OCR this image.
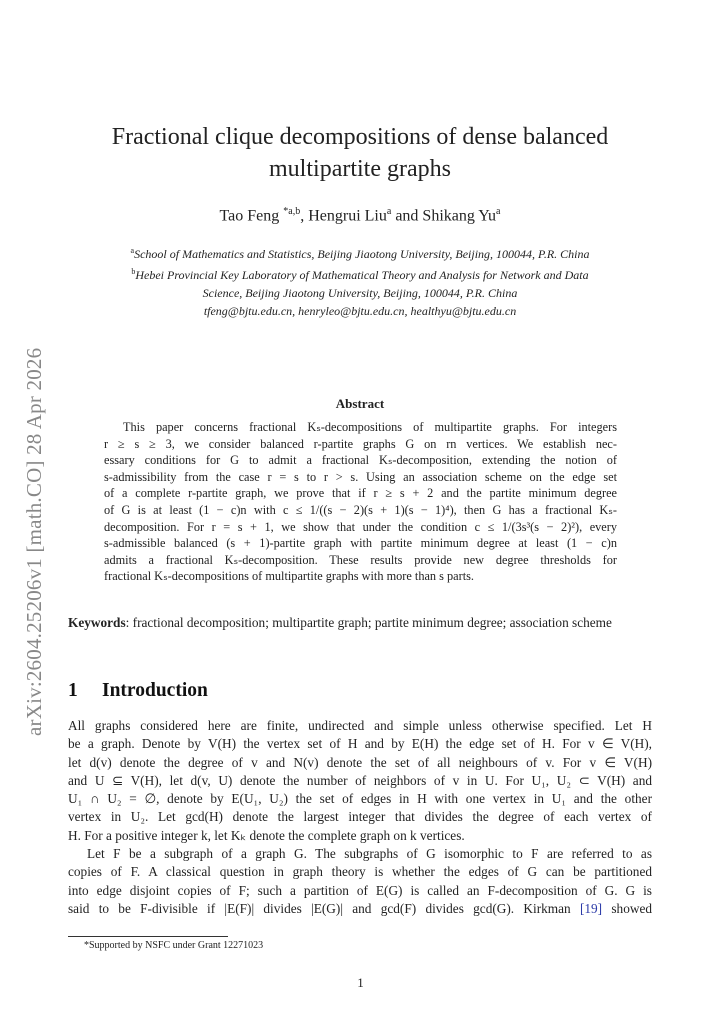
arXiv:2604.25206v1 [math.CO] 28 Apr 2026
Fractional clique decompositions of dense balanced
multipartite graphs
Tao Feng $^{*a,b}$, Hengrui Liu$^a$ and Shikang Yu$^a$
$^a$School of Mathematics and Statistics, Beijing Jiaotong University, Beijing, 100044, P.R. China
$^b$Hebei Provincial Key Laboratory of Mathematical Theory and Analysis for Network and Data
Science, Beijing Jiaotong University, Beijing, 100044, P.R. China
tfeng@bjtu.edu.cn, henryleo@bjtu.edu.cn, healthyu@bjtu.edu.cn
Abstract
This paper concerns fractional Kₛ-decompositions of multipartite graphs. For integers
r ≥ s ≥ 3, we consider balanced r-partite graphs G on rn vertices. We establish nec-
essary conditions for G to admit a fractional Kₛ-decomposition, extending the notion of
s-admissibility from the case r = s to r > s. Using an association scheme on the edge set
of a complete r-partite graph, we prove that if r ≥ s + 2 and the partite minimum degree
of G is at least (1 − c)n with c ≤ 1/((s − 2)(s + 1)(s − 1)⁴), then G has a fractional Kₛ-
decomposition. For r = s + 1, we show that under the condition c ≤ 1/(3s³(s − 2)²), every
s-admissible balanced (s + 1)-partite graph with partite minimum degree at least (1 − c)n
admits a fractional Kₛ-decomposition. These results provide new degree thresholds for
fractional Kₛ-decompositions of multipartite graphs with more than s parts.
Keywords: fractional decomposition; multipartite graph; partite minimum degree; association scheme
1 Introduction
All graphs considered here are finite, undirected and simple unless otherwise specified. Let H
be a graph. Denote by V(H) the vertex set of H and by E(H) the edge set of H. For v ∈ V(H),
let d(v) denote the degree of v and N(v) denote the set of all neighbours of v. For v ∈ V(H)
and U ⊆ V(H), let d(v, U) denote the number of neighbors of v in U. For U₁, U₂ ⊂ V(H) and
U₁ ∩ U₂ = ∅, denote by E(U₁, U₂) the set of edges in H with one vertex in U₁ and the other
vertex in U₂. Let gcd(H) denote the largest integer that divides the degree of each vertex of
H. For a positive integer k, let Kₖ denote the complete graph on k vertices.
Let F be a subgraph of a graph G. The subgraphs of G isomorphic to F are referred to as
copies of F. A classical question in graph theory is whether the edges of G can be partitioned
into edge disjoint copies of F; such a partition of E(G) is called an F-decomposition of G. G is
said to be F-divisible if |E(F)| divides |E(G)| and gcd(F) divides gcd(G). Kirkman [19] showed
*Supported by NSFC under Grant 12271023
1
